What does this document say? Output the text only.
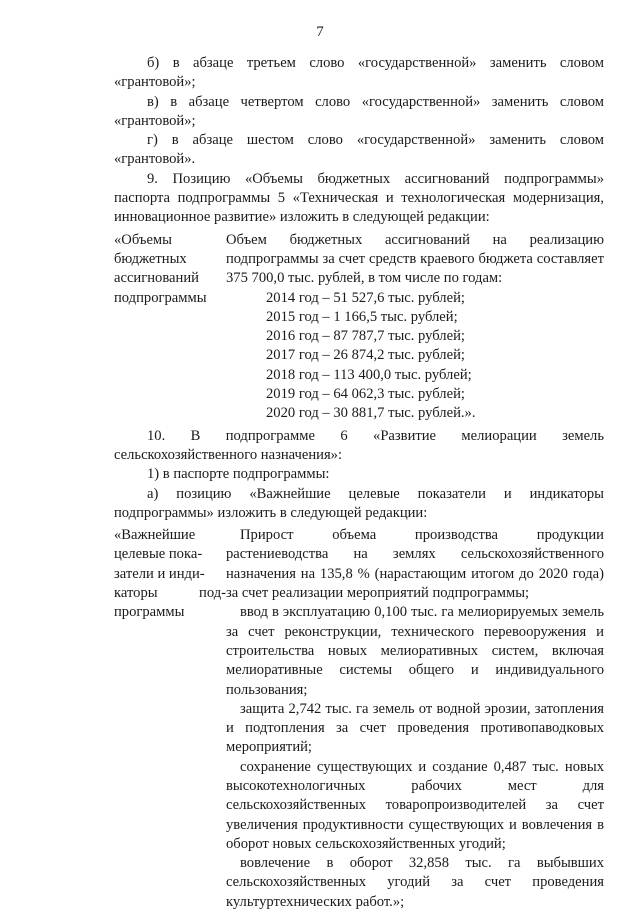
7

б) в абзаце третьем слово «государственной» заменить словом «грантовой»;

в) в абзаце четвертом слово «государственной» заменить словом «грантовой»;

г) в абзаце шестом слово «государственной» заменить словом «грантовой».

9. Позицию «Объемы бюджетных ассигнований подпрограммы» паспорта подпрограммы 5 «Техническая и технологическая модернизация, инновационное развитие» изложить в следующей редакции:

«Объемы
бюджетных
ассигнований
подпрограммы

Объем бюджетных ассигнований на реализацию подпрограммы за счет средств краевого бюджета составляет 375 700,0 тыс. рублей, в том числе по годам:

2014 год – 51 527,6 тыс. рублей;
2015 год – 1 166,5 тыс. рублей;
2016 год – 87 787,7 тыс. рублей;
2017 год – 26 874,2 тыс. рублей;
2018 год – 113 400,0 тыс. рублей;
2019 год – 64 062,3 тыс. рублей;
2020 год – 30 881,7 тыс. рублей.».

10. В подпрограмме 6 «Развитие мелиорации земель сельскохозяйственного назначения»:

1) в паспорте подпрограммы:

а) позицию «Важнейшие целевые показатели и индикаторы подпрограммы» изложить в следующей редакции:

«Важнейшие
целевые пока-
затели и инди-
каторы под-
программы

Прирост объема производства продукции растениеводства на землях сельскохозяйственного назначения на 135,8 % (нарастающим итогом до 2020 года) за счет реализации мероприятий подпрограммы;

ввод в эксплуатацию 0,100 тыс. га мелиорируемых земель за счет реконструкции, технического перевооружения и строительства новых мелиоративных систем, включая мелиоративные системы общего и индивидуального пользования;

защита 2,742 тыс. га земель от водной эрозии, затопления и подтопления за счет проведения противопаводковых мероприятий;

сохранение существующих и создание 0,487 тыс. новых высокотехнологичных рабочих мест для сельскохозяйственных товаропроизводителей за счет увеличения продуктивности существующих и вовлечения в оборот новых сельскохозяйственных угодий;

вовлечение в оборот 32,858 тыс. га выбывших сельскохозяйственных угодий за счет проведения культуртехнических работ.»;
